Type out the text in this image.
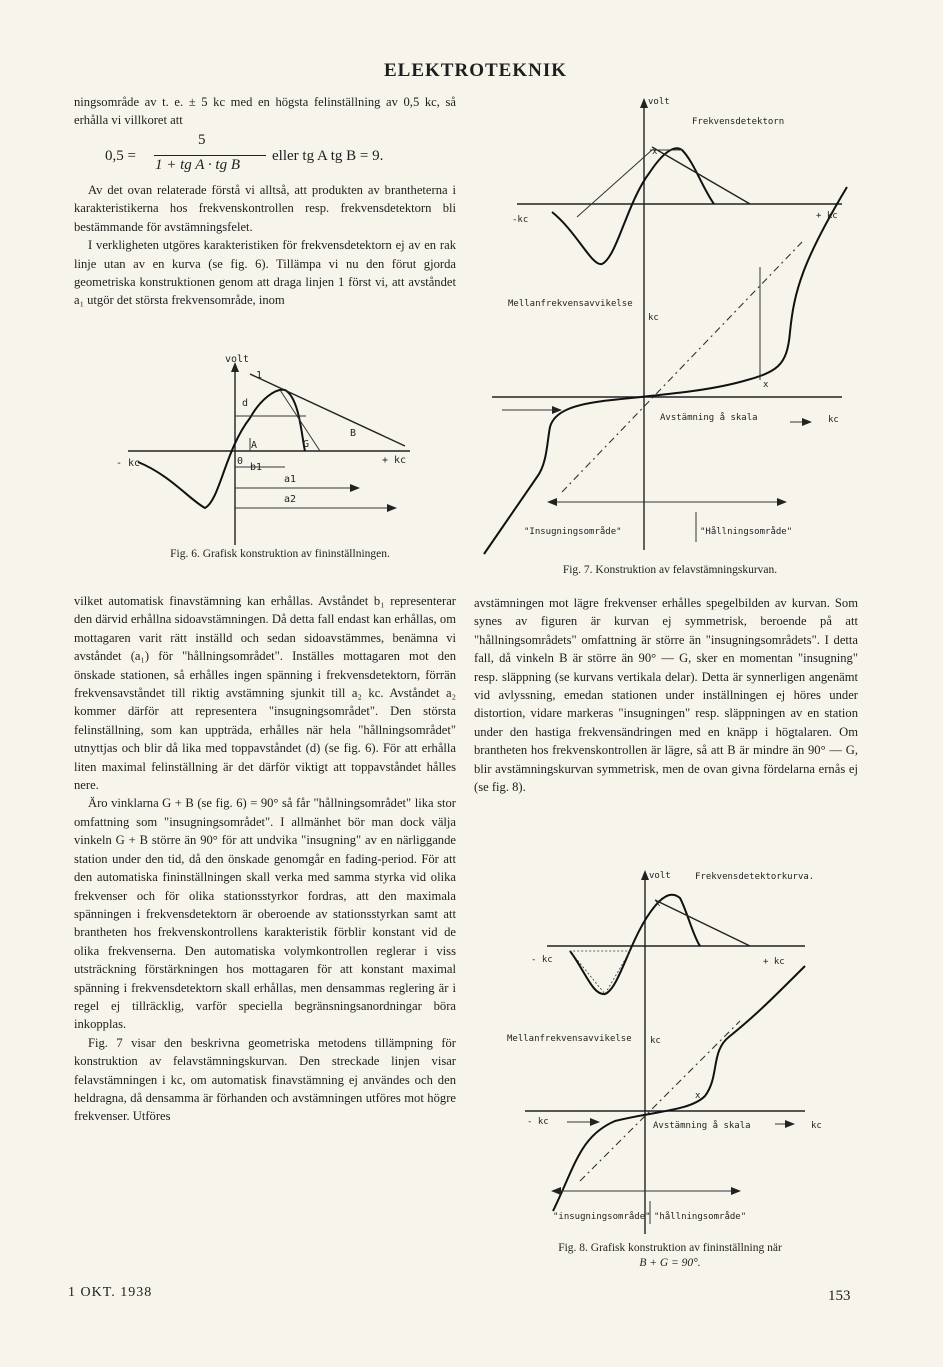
ELEKTROTEKNIK

ningsområde av t. e. ± 5 kc med en högsta felinställning av 0,5 kc, så erhålla vi villkoret att

0,5 =
5
1 + tg A · tg B
eller tg A tg B = 9.

Av det ovan relaterade förstå vi alltså, att produkten av brantheterna i karakteristikerna hos frekvenskontrollen resp. frekvensdetektorn bli bestämmande för avstämningsfelet.

I verkligheten utgöres karakteristiken för frekvensdetektorn ej av en rak linje utan av en kurva (se fig. 6). Tillämpa vi nu den förut gjorda geometriska konstruktionen genom att draga linjen 1 först vi, att avståndet a₁ utgör det största frekvensområde, inom

volt
1
d
A	G
B
- kc	+ kc
0
b1
a1
a2
Fig. 6. Grafisk konstruktion av fininställningen.

vilket automatisk finavstämning kan erhållas. Avståndet b₁ representerar den därvid erhållna sidoavstämningen. Då detta fall endast kan erhållas, om mottagaren varit rätt inställd och sedan sidoavstämmes, benämna vi avståndet (a₁) för "hållningsområdet". Inställes mottagaren mot den önskade stationen, så erhålles ingen spänning i frekvensdetektorn, förrän frekvensavståndet till riktig avstämning sjunkit till a₂ kc. Avståndet a₂ kommer därför att representera "insugningsområdet". Den största felinställning, som kan uppträda, erhålles när hela "hållningsområdet" utnyttjas och blir då lika med toppavståndet (d) (se fig. 6). För att erhålla liten maximal felinställning är det därför viktigt att toppavståndet hålles nere.

Äro vinklarna G + B (se fig. 6) = 90° så får "hållningsområdet" lika stor omfattning som "insugningsområdet". I allmänhet bör man dock välja vinkeln G + B större än 90° för att undvika "insugning" av en närliggande station under den tid, då den önskade genomgår en fading-period. För att den automatiska fininställningen skall verka med samma styrka vid olika frekvenser och för olika stationsstyrkor fordras, att den maximala spänningen i frekvensdetektorn är oberoende av stationsstyrkan samt att brantheten hos frekvenskontrollens karakteristik förblir konstant vid de olika frekvenserna. Den automatiska volymkontrollen reglerar i viss utsträckning förstärkningen hos mottagaren för att konstant maximal spänning i frekvensdetektorn skall erhållas, men densammas reglering är i regel ej tillräcklig, varför speciella begränsningsanordningar böra inkopplas.

Fig. 7 visar den beskrivna geometriska metodens tillämpning för konstruktion av felavstämningskurvan. Den streckade linjen visar felavstämningen i kc, om automatisk finavstämning ej användes och den heldragna, då densamma är förhanden och avstämningen utföres mot högre frekvenser. Utföres

volt
Frekvensdetektorn
x
-kc	+ kc
Mellanfrekvensavvikelse
kc
x
Avstämning å skala	kc
"Insugningsområde"	"Hållningsområde"
Fig. 7. Konstruktion av felavstämningskurvan.

avstämningen mot lägre frekvenser erhålles spegelbilden av kurvan. Som synes av figuren är kurvan ej symmetrisk, beroende på att "hållningsområdets" omfattning är större än "insugningsområdets". I detta fall, då vinkeln B är större än 90° — G, sker en momentan "insugning" resp. släppning (se kurvans vertikala delar). Detta är synnerligen angenämt vid avlyssning, emedan stationen under inställningen ej höres under distortion, vidare markeras "insugningen" resp. släppningen av en station under den hastiga frekvensändringen med en knäpp i högtalaren. Om brantheten hos frekvenskontrollen är lägre, så att B är mindre än 90° — G, blir avstämningskurvan symmetrisk, men de ovan givna fördelarna ernås ej (se fig. 8).

volt	Frekvensdetektorkurva.
x
- kc	+ kc
Mellanfrekvensavvikelse kc
x
- kc	Avstämning å skala	kc
"insugningsområde" "hållningsområde"
Fig. 8. Grafisk konstruktion av fininställning när
B + G = 90°.
1 OKT. 1938	153
